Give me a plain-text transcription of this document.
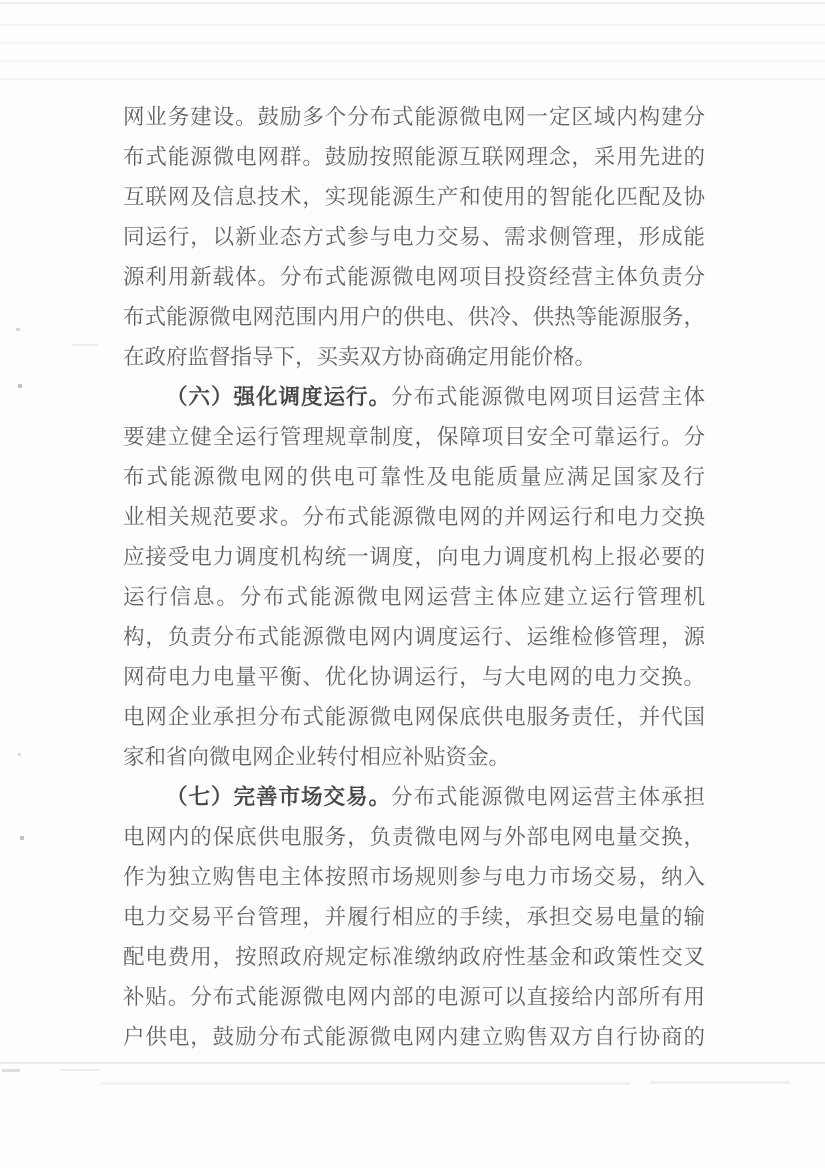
网业务建设。鼓励多个分布式能源微电网一定区域内构建分
布式能源微电网群。鼓励按照能源互联网理念，采用先进的
互联网及信息技术，实现能源生产和使用的智能化匹配及协
同运行，以新业态方式参与电力交易、需求侧管理，形成能
源利用新载体。分布式能源微电网项目投资经营主体负责分
布式能源微电网范围内用户的供电、供冷、供热等能源服务，
在政府监督指导下，买卖双方协商确定用能价格。
（六）强化调度运行。分布式能源微电网项目运营主体
要建立健全运行管理规章制度，保障项目安全可靠运行。分
布式能源微电网的供电可靠性及电能质量应满足国家及行
业相关规范要求。分布式能源微电网的并网运行和电力交换
应接受电力调度机构统一调度，向电力调度机构上报必要的
运行信息。分布式能源微电网运营主体应建立运行管理机
构，负责分布式能源微电网内调度运行、运维检修管理，源
网荷电力电量平衡、优化协调运行，与大电网的电力交换。
电网企业承担分布式能源微电网保底供电服务责任，并代国
家和省向微电网企业转付相应补贴资金。
（七）完善市场交易。分布式能源微电网运营主体承担
电网内的保底供电服务，负责微电网与外部电网电量交换，
作为独立购售电主体按照市场规则参与电力市场交易，纳入
电力交易平台管理，并履行相应的手续，承担交易电量的输
配电费用，按照政府规定标准缴纳政府性基金和政策性交叉
补贴。分布式能源微电网内部的电源可以直接给内部所有用
户供电，鼓励分布式能源微电网内建立购售双方自行协商的
